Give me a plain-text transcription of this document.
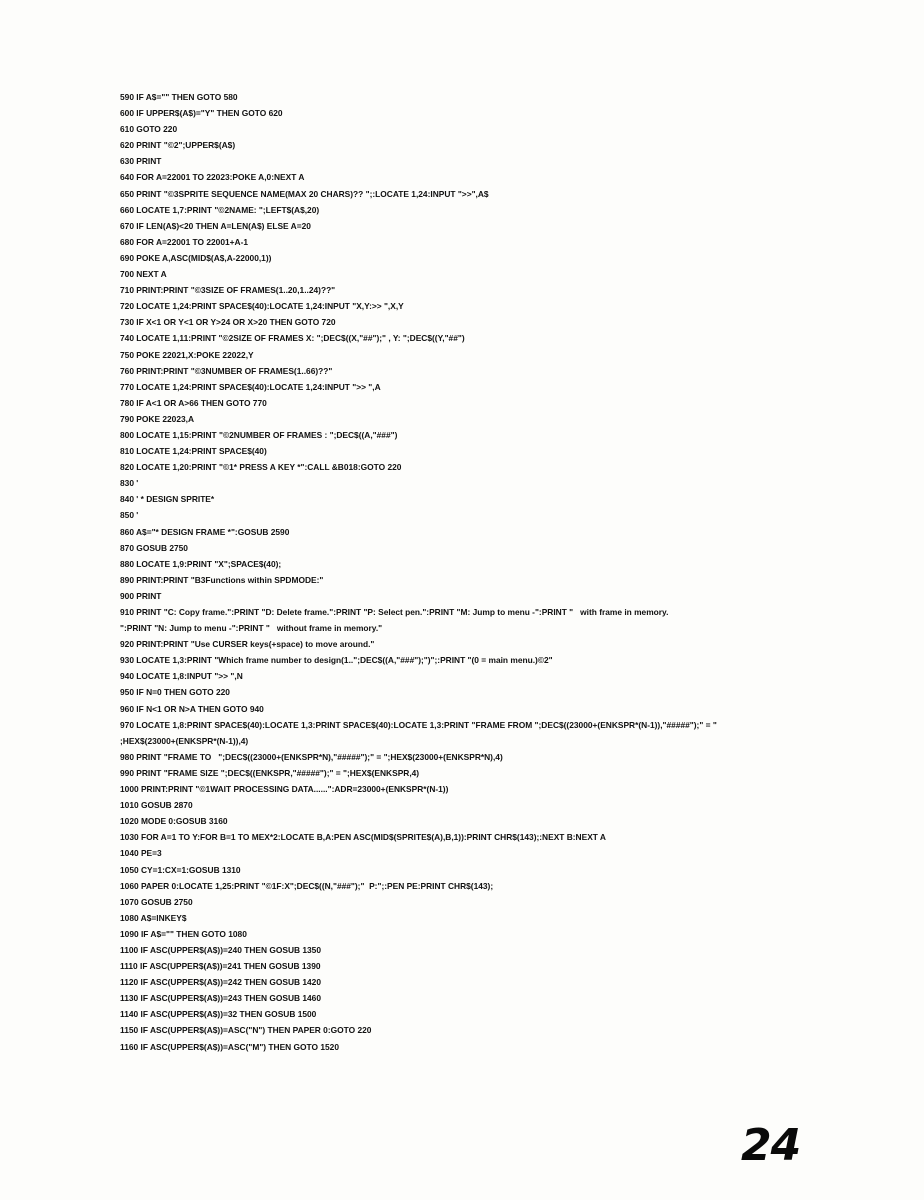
590 IF A$="" THEN GOTO 580
600 IF UPPER$(A$)="Y" THEN GOTO 620
610 GOTO 220
620 PRINT "©2";UPPER$(A$)
630 PRINT
640 FOR A=22001 TO 22023:POKE A,0:NEXT A
650 PRINT "©3SPRITE SEQUENCE NAME(MAX 20 CHARS)?? ";:LOCATE 1,24:INPUT ">>",A$
660 LOCATE 1,7:PRINT "©2NAME: ";LEFT$(A$,20)
670 IF LEN(A$)<20 THEN A=LEN(A$) ELSE A=20
680 FOR A=22001 TO 22001+A-1
690 POKE A,ASC(MID$(A$,A-22000,1))
700 NEXT A
710 PRINT:PRINT "©3SIZE OF FRAMES(1..20,1..24)??"
720 LOCATE 1,24:PRINT SPACE$(40):LOCATE 1,24:INPUT "X,Y:>> ",X,Y
730 IF X<1 OR Y<1 OR Y>24 OR X>20 THEN GOTO 720
740 LOCATE 1,11:PRINT "©2SIZE OF FRAMES X: ";DEC$((X,"##");" , Y: ";DEC$((Y,"##")
750 POKE 22021,X:POKE 22022,Y
760 PRINT:PRINT "©3NUMBER OF FRAMES(1..66)??"
770 LOCATE 1,24:PRINT SPACE$(40):LOCATE 1,24:INPUT ">> ",A
780 IF A<1 OR A>66 THEN GOTO 770
790 POKE 22023,A
800 LOCATE 1,15:PRINT "©2NUMBER OF FRAMES : ";DEC$((A,"###")
810 LOCATE 1,24:PRINT SPACE$(40)
820 LOCATE 1,20:PRINT "©1* PRESS A KEY *":CALL &B018:GOTO 220
830 '
840 ' * DESIGN SPRITE*
850 '
860 A$="* DESIGN FRAME *":GOSUB 2590
870 GOSUB 2750
880 LOCATE 1,9:PRINT "X";SPACE$(40);
890 PRINT:PRINT "B3Functions within SPDMODE:"
900 PRINT
910 PRINT "C: Copy frame.":PRINT "D: Delete frame.":PRINT "P: Select pen.":PRINT "M: Jump to menu -":PRINT "   with frame in memory.
":PRINT "N: Jump to menu -":PRINT "   without frame in memory."
920 PRINT:PRINT "Use CURSER keys(+space) to move around."
930 LOCATE 1,3:PRINT "Which frame number to design(1..";DEC$((A,"###");")";:PRINT "(0 = main menu.)©2"
940 LOCATE 1,8:INPUT ">> ",N
950 IF N=0 THEN GOTO 220
960 IF N<1 OR N>A THEN GOTO 940
970 LOCATE 1,8:PRINT SPACE$(40):LOCATE 1,3:PRINT SPACE$(40):LOCATE 1,3:PRINT "FRAME FROM ";DEC$((23000+(ENKSPR*(N-1)),"#####");" = "
;HEX$(23000+(ENKSPR*(N-1)),4)
980 PRINT "FRAME TO   ";DEC$((23000+(ENKSPR*N),"#####");" = ";HEX$(23000+(ENKSPR*N),4)
990 PRINT "FRAME SIZE ";DEC$((ENKSPR,"#####");" = ";HEX$(ENKSPR,4)
1000 PRINT:PRINT "©1WAIT PROCESSING DATA......":ADR=23000+(ENKSPR*(N-1))
1010 GOSUB 2870
1020 MODE 0:GOSUB 3160
1030 FOR A=1 TO Y:FOR B=1 TO MEX*2:LOCATE B,A:PEN ASC(MID$(SPRITE$(A),B,1)):PRINT CHR$(143);:NEXT B:NEXT A
1040 PE=3
1050 CY=1:CX=1:GOSUB 1310
1060 PAPER 0:LOCATE 1,25:PRINT "©1F:X";DEC$((N,"###");"  P:";:PEN PE:PRINT CHR$(143);
1070 GOSUB 2750
1080 A$=INKEY$
1090 IF A$="" THEN GOTO 1080
1100 IF ASC(UPPER$(A$))=240 THEN GOSUB 1350
1110 IF ASC(UPPER$(A$))=241 THEN GOSUB 1390
1120 IF ASC(UPPER$(A$))=242 THEN GOSUB 1420
1130 IF ASC(UPPER$(A$))=243 THEN GOSUB 1460
1140 IF ASC(UPPER$(A$))=32 THEN GOSUB 1500
1150 IF ASC(UPPER$(A$))=ASC("N") THEN PAPER 0:GOTO 220
1160 IF ASC(UPPER$(A$))=ASC("M") THEN GOTO 1520
24
